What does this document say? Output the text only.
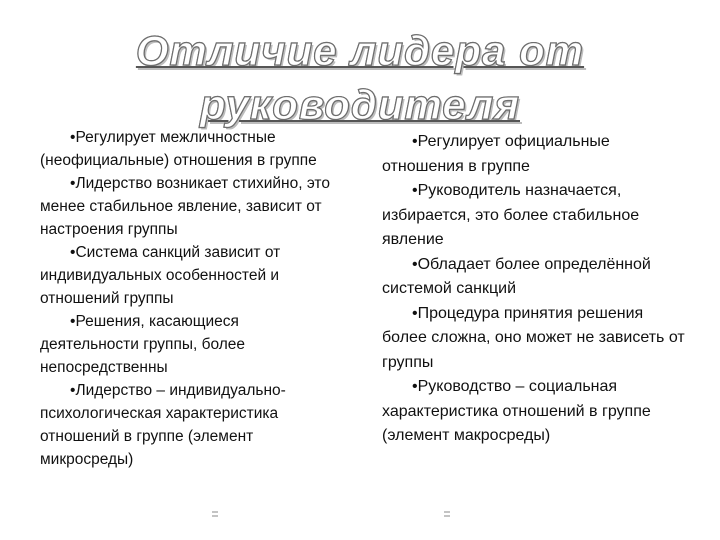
Отличие лидера от
руководителя

•Регулирует межличностные (неофициальные) отношения в группе

•Лидерство возникает стихийно, это менее стабильное явление, зависит от настроения группы

•Система санкций зависит от индивидуальных особенностей и отношений группы

•Решения, касающиеся деятельности группы, более непосредственны

•Лидерство – индивидуально-психологическая характеристика отношений в группе (элемент микросреды)

•Регулирует официальные отношения в группе

•Руководитель назначается, избирается, это более стабильное явление

•Обладает более определённой системой санкций

•Процедура принятия решения более сложна, оно может не зависеть от группы

•Руководство – социальная характеристика отношений в группе (элемент макросреды)
